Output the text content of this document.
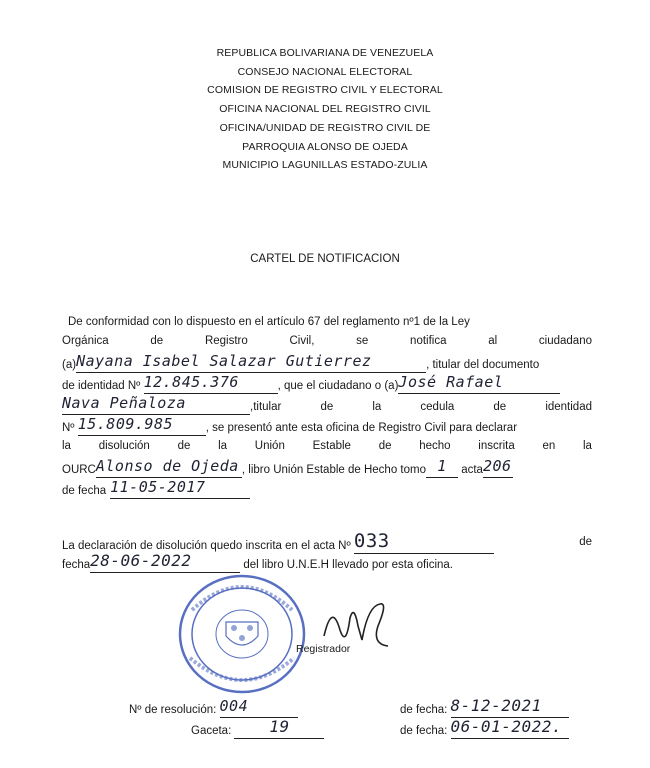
REPUBLICA BOLIVARIANA DE VENEZUELA
CONSEJO NACIONAL ELECTORAL
COMISION DE REGISTRO CIVIL Y ELECTORAL
OFICINA NACIONAL DEL REGISTRO CIVIL
OFICINA/UNIDAD DE REGISTRO CIVIL DE
PARROQUIA ALONSO DE OJEDA
MUNICIPIO LAGUNILLAS ESTADO-ZULIA
CARTEL DE NOTIFICACION
De conformidad con lo dispuesto en el artículo 67 del reglamento nº1 de la Ley
Orgánica	de	Registro	Civil,	se	notifica	al	ciudadano
(a)Nayana Isabel Salazar Gutierrez	, titular del documento
de identidad Nº 12.845.376	, que el ciudadano o (a)José Rafael
Nava Peñaloza	,titular	de	la	cedula	de	identidad
Nº 15.809.985	, se presentó ante esta oficina de Registro Civil para declarar
la disolución de la Unión Estable de hecho inscrita en la
OURCAlonso de Ojeda , libro Unión Estable de Hecho tomo 1 acta206
de fecha 11-05-2017
La declaración de disolución quedo inscrita en el acta Nº 033	de
fecha28-06-2022	del libro U.N.E.H llevado por esta oficina.
Registrador
Nº de resolución: 004	de fecha: 8-12-2021
Gaceta: 19	de fecha: 06-01-2022.
